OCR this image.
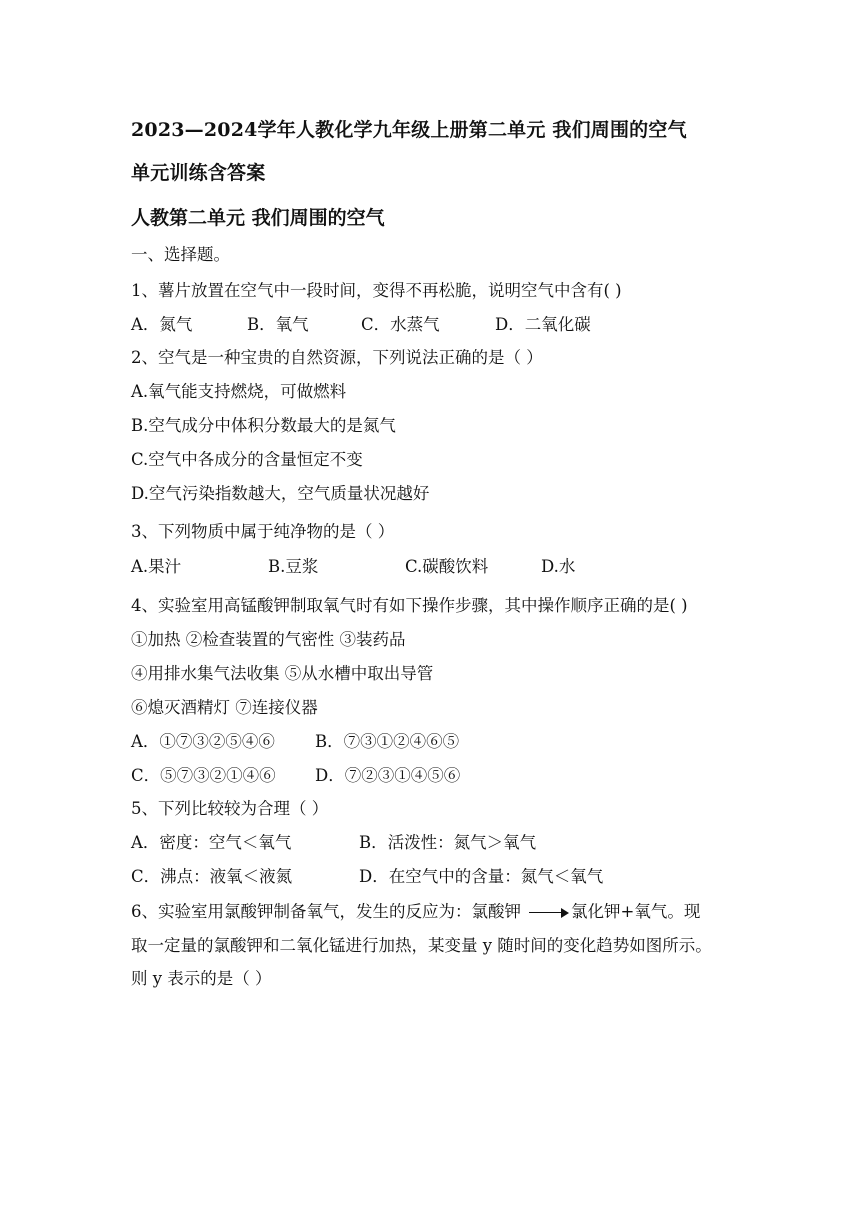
2023—2024学年人教化学九年级上册第二单元 我们周围的空气
单元训练含答案
人教第二单元 我们周围的空气
一、选择题。
1、薯片放置在空气中一段时间，变得不再松脆，说明空气中含有( )
A．氮气	B．氧气	C．水蒸气	D．二氧化碳
2、空气是一种宝贵的自然资源，下列说法正确的是（ ）
A.氧气能支持燃烧，可做燃料
B.空气成分中体积分数最大的是氮气
C.空气中各成分的含量恒定不变
D.空气污染指数越大，空气质量状况越好
3、下列物质中属于纯净物的是（ ）
A.果汁	B.豆浆	C.碳酸饮料	D.水
4、实验室用高锰酸钾制取氧气时有如下操作步骤，其中操作顺序正确的是( )
①加热 ②检查装置的气密性 ③装药品
④用排水集气法收集 ⑤从水槽中取出导管
⑥熄灭酒精灯 ⑦连接仪器
A．①⑦③②⑤④⑥ B．⑦③①②④⑥⑤
C．⑤⑦③②①④⑥ D．⑦②③①④⑤⑥
5、下列比较较为合理（ ）
A．密度：空气＜氧气	B．活泼性：氮气＞氧气
C．沸点：液氧＜液氮	D．在空气中的含量：氮气＜氧气
6、实验室用氯酸钾制备氧气，发生的反应为：氯酸钾	氯化钾+氧气。现
取一定量的氯酸钾和二氧化锰进行加热，某变量 y 随时间的变化趋势如图所示。
则 y 表示的是（ ）
